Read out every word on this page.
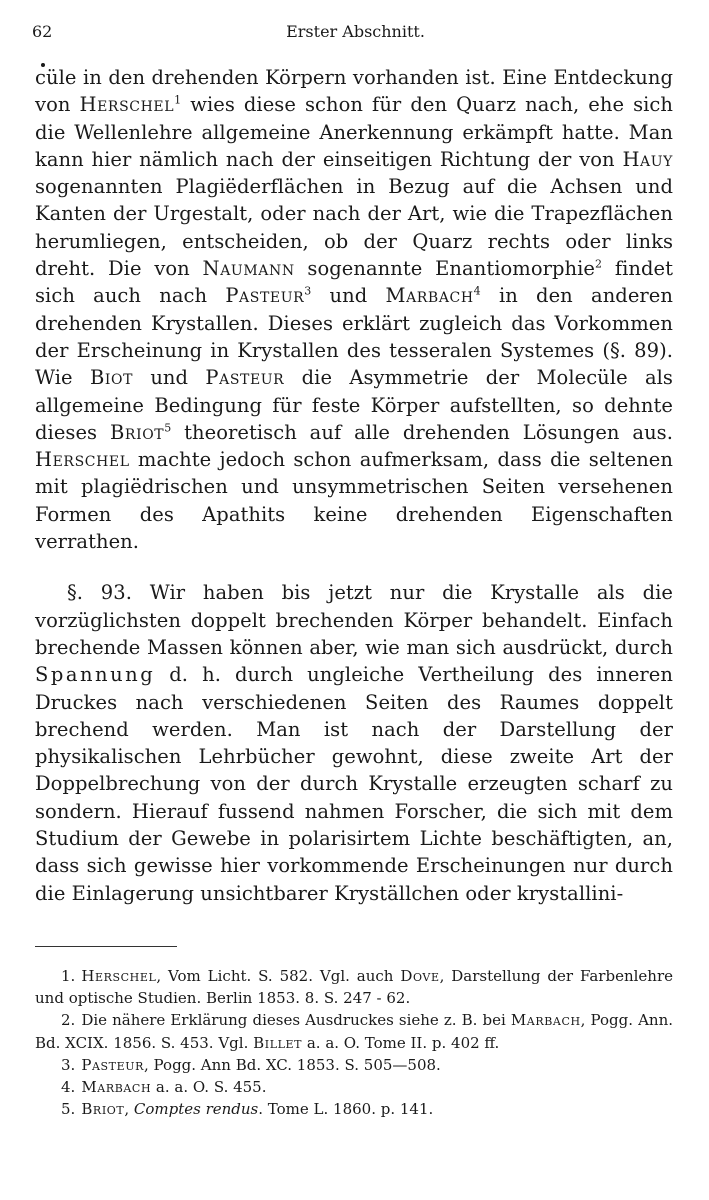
62	Erster Abschnitt.

cüle in den drehenden Körpern vorhanden ist. Eine Entdeckung von Herschel$^1$ wies diese schon für den Quarz nach, ehe sich die Wellenlehre allgemeine Anerkennung erkämpft hatte. Man kann hier nämlich nach der einseitigen Richtung der von Hauy sogenannten Plagiëderflächen in Bezug auf die Achsen und Kanten der Urgestalt, oder nach der Art, wie die Trapezflächen herumliegen, entscheiden, ob der Quarz rechts oder links dreht. Die von Naumann sogenannte Enantiomorphie$^2$ findet sich auch nach Pasteur$^3$ und Marbach$^4$ in den anderen drehenden Krystallen. Dieses erklärt zugleich das Vorkommen der Erscheinung in Krystallen des tesseralen Systemes (§. 89). Wie Biot und Pasteur die Asymmetrie der Molecüle als allgemeine Bedingung für feste Körper aufstellten, so dehnte dieses Briot$^5$ theoretisch auf alle drehenden Lösungen aus. Herschel machte jedoch schon aufmerksam, dass die seltenen mit plagiëdrischen und unsymmetrischen Seiten versehenen Formen des Apathits keine drehenden Eigenschaften verrathen.

§. 93. Wir haben bis jetzt nur die Krystalle als die vorzüglichsten doppelt brechenden Körper behandelt. Einfach brechende Massen können aber, wie man sich ausdrückt, durch Spannung d. h. durch ungleiche Vertheilung des inneren Druckes nach verschiedenen Seiten des Raumes doppelt brechend werden. Man ist nach der Darstellung der physikalischen Lehrbücher gewohnt, diese zweite Art der Doppelbrechung von der durch Krystalle erzeugten scharf zu sondern. Hierauf fussend nahmen Forscher, die sich mit dem Studium der Gewebe in polarisirtem Lichte beschäftigten, an, dass sich gewisse hier vorkommende Erscheinungen nur durch die Einlagerung unsichtbarer Kryställchen oder krystallini-

1. Herschel, Vom Licht. S. 582. Vgl. auch Dove, Darstellung der Farbenlehre und optische Studien. Berlin 1853. 8. S. 247 - 62.

2. Die nähere Erklärung dieses Ausdruckes siehe z. B. bei Marbach, Pogg. Ann. Bd. XCIX. 1856. S. 453. Vgl. Billet a. a. O. Tome II. p. 402 ff.

3. Pasteur, Pogg. Ann Bd. XC. 1853. S. 505—508.

4. Marbach a. a. O. S. 455.

5. Briot, Comptes rendus. Tome L. 1860. p. 141.
